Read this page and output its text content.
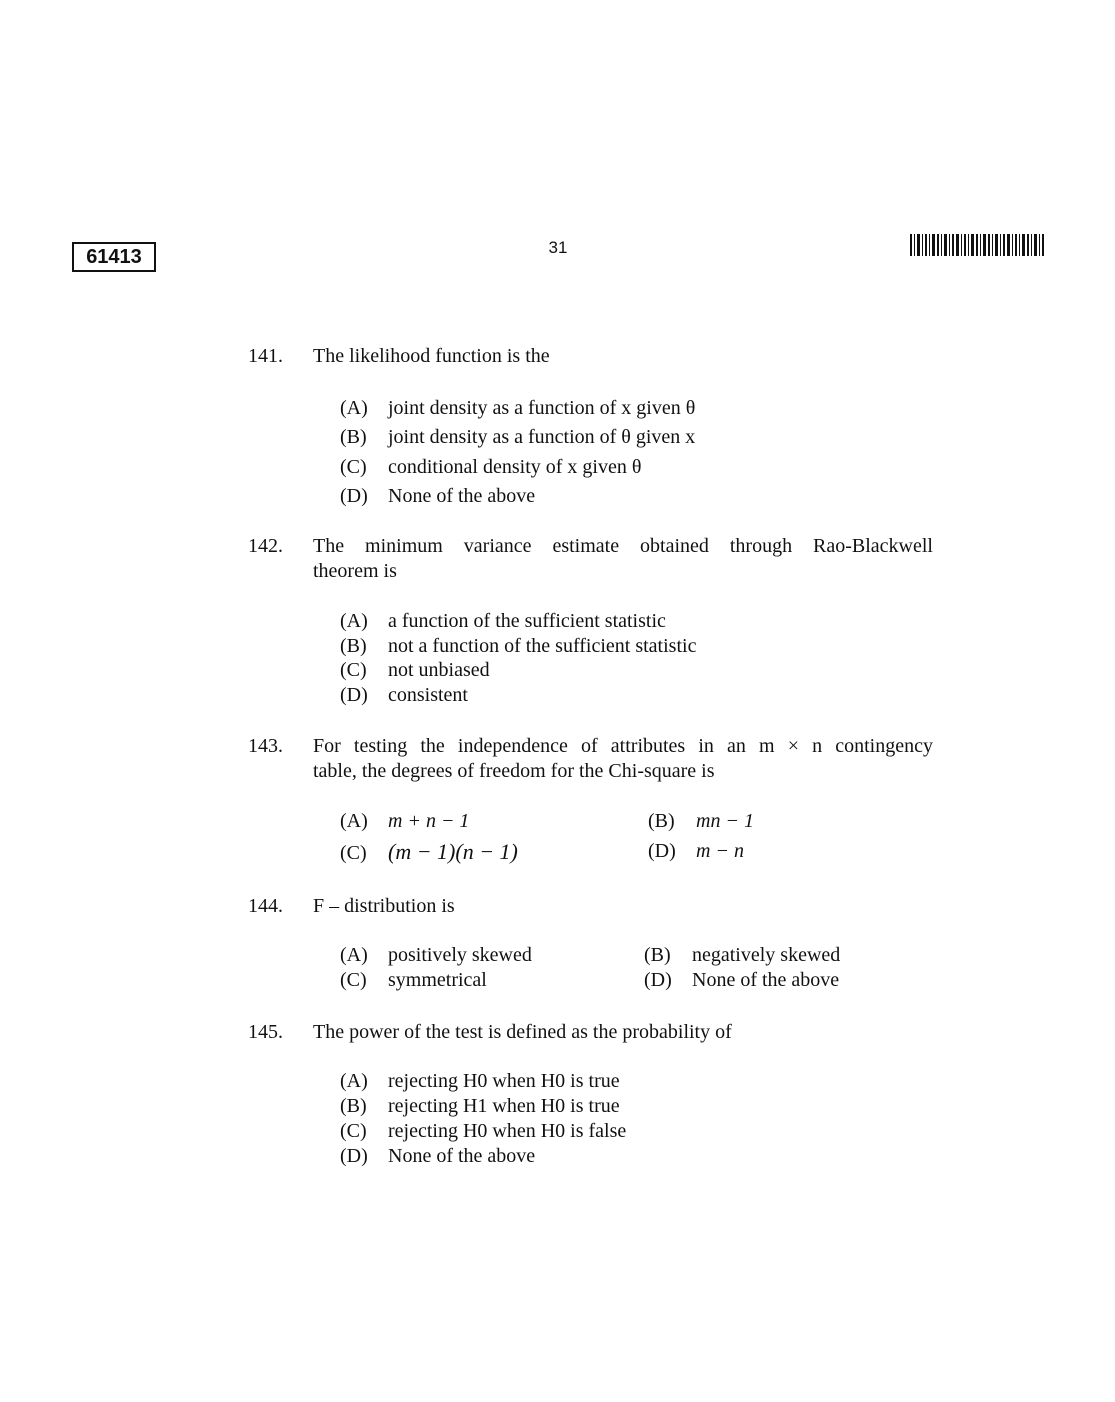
61413	31
141.	The likelihood function is the
(A) joint density as a function of x given θ
(B) joint density as a function of θ given x
(C) conditional density of x given θ
(D) None of the above
142.	The minimum variance estimate obtained through Rao-Blackwell
theorem is
(A) a function of the sufficient statistic
(B) not a function of the sufficient statistic
(C) not unbiased
(D) consistent
143.	For testing the independence of attributes in an m × n contingency
table, the degrees of freedom for the Chi-square is
(A) m + n − 1	(B) mn − 1
(C) (m − 1)(n − 1)	(D) m − n
144.	F – distribution is
(A) positively skewed	(B) negatively skewed
(C) symmetrical	(D) None of the above
145.	The power of the test is defined as the probability of
(A) rejecting H0 when H0 is true
(B) rejecting H1 when H0 is true
(C) rejecting H0 when H0 is false
(D) None of the above
